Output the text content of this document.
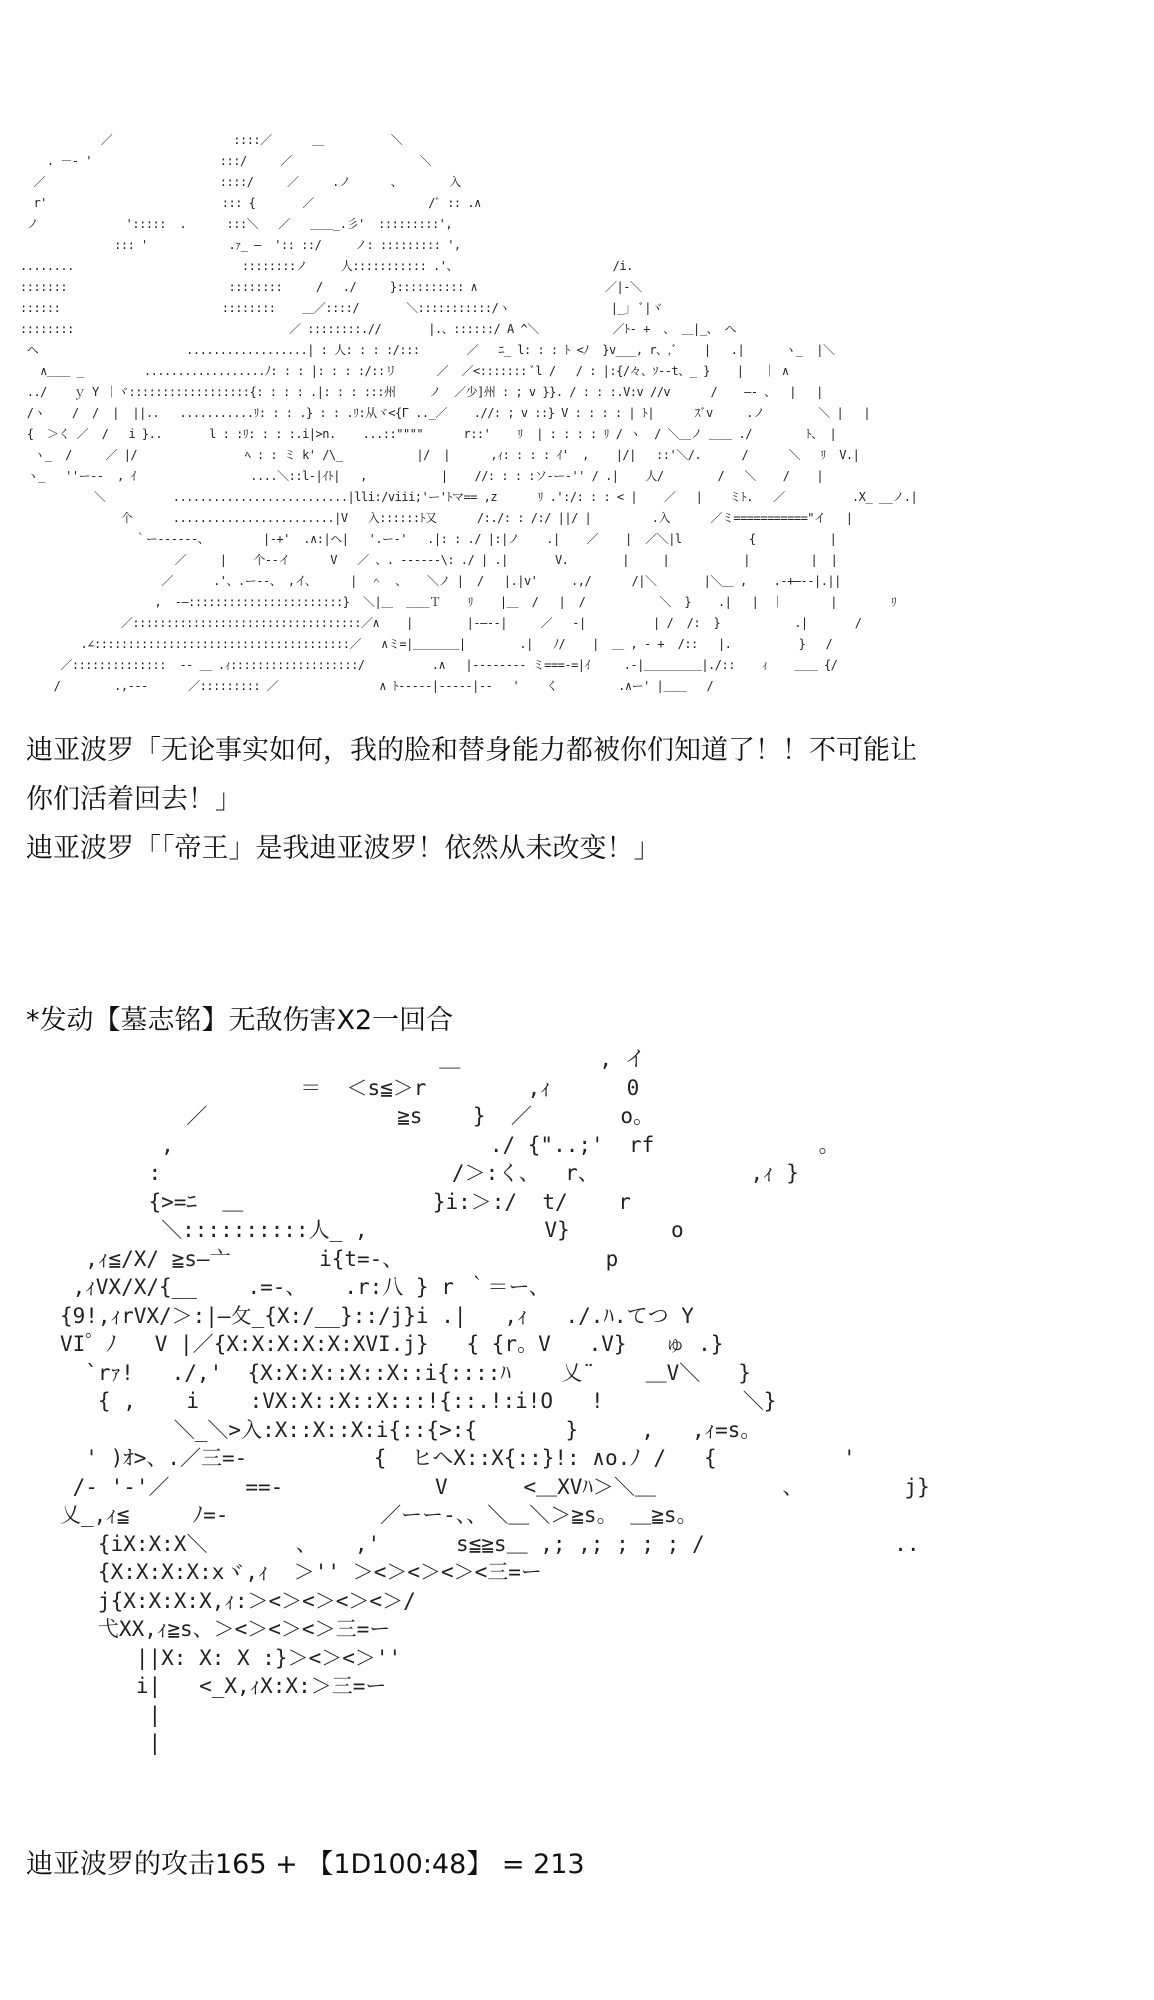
／                  ::::／      ＿          ＼
. －‐ '                   :::/     ／                   ＼
／                          ::::/     ／     .ノ      、       入
r'                          ::: {       ／                 /ﾞ :: .∧
ノ             ':::::  .      :::＼   ／   ＿＿_.彡'  :::::::::',
::: '            .ｧ_ ―  ':: ::/     ノ: ::::::::: ',
........                         ::::::::ノ     人::::::::::: .'、                       /i.
:::::::                        ::::::::     /   ./     }:::::::::: ∧                   ／|‐＼
::::::                        ::::::::    ＿／::::/       ＼:::::::::::/ヽ               |_」 ﾞ|ヾ
::::::::                                ／ ::::::::.//       |.、::::::/ A ^＼           ／ﾄ‐ +  、 ＿|_、 へ
へ                      ..................| : 人: : : :/:::       ／   ﾆ_ l: : : ﾄ <ﾉ  }v___, r、,ﾞ    |   .|      ヽ_  |＼
∧＿＿ _         ..................ﾉ: : : |: : : :/::リ      ／  ／<::::::: ﾞl /   / : |:{/々、ｿ‐‐t、_ }    |   ｜ ∧
../    ｙ Y ｜ヾ::::::::::::::::::{: : : : .|: : : :::州     ノ  ／少]州 : ; v }}. / : : :.V:v //v      /    ―- 、  |   |
/ヽ    /  /  |  ||..   ...........ﾘ: : : .} : : .ﾘ:从ヾ<{Γ .._／    .//: ; v ::} V : : : : | ﾄ|      ｽﾞv     .ノ        ＼ |   |
{  ＞く ／  /   i }..       l : :ﾘ: : : :.i|>n.    ...::""""      r::'    ﾘ  | : : : : ﾘ / ヽ  / ＼＿ノ ＿＿ ./        ﾄ、 |
ヽ_  /     ／ |/                ﾍ : : ミ k' /\_           |/  |      ,ｨ: : : : ｲ'  ,    |/|   ::'＼/.      /      ＼   ﾘ  V.|
ヽ_   ''ー‐‐  , ｲ                 ....＼::l-|ｲﾄ|   ,           |    //: : : :ソ‐ー‐'' / .|    人/        /   ＼    /    |
＼          ..........................|lli:/viii;'ー'ﾄマ== ,z      ﾘ .':/: : : < |    ／   |    ミﾄ.   ／          .X_ __ノ.|
个      ........................|V   入::::::ﾄ又      /:./: : /:/ ||/ |         .入      ／ミ==========="イ   |
｀ー‐‐‐‐‐‐、        |‐+'  .∧:|ヘ|   '.ー‐'   .|: : ./ |:|ノ    .|    ／    |  ／＼|l          {           |
／     |    个‐‐イ      V   ／ 、. ‐‐‐‐‐‐\: ./ | .|       V.        |     |           |         |  |
／      .'、.ー‐‐、 ,イ、     |  ＾  、   ＼ノ |  /   |.|v'     .,/      /|＼       |＼＿ ,    .‐+―‐‐|.||
,  ‐―:::::::::::::::::::::::}  ＼|＿  ＿＿Ｔ    ﾘ    |＿  /   |  /           ＼  }    .|   |  ｜       |        ﾘ
／::::::::::::::::::::::::::::::::::／∧    |        |‐―‐‐|     ／   ‐|          | /  /:  }           .|       /
.∠::::::::::::::::::::::::::::::::::::::／   ∧ミ=|＿＿＿＿|        .|   ﾉ/    |  ＿ , ‐ +  /::   |.          }   /
／::::::::::::::  ‐‐ ＿ .ｨ:::::::::::::::::::/          .∧   |‐‐‐‐‐‐‐‐ ミ===‐=|ｲ     .‐|＿＿＿＿＿|./::    ｨ    ＿＿ {/
/        .,‐‐‐      ／::::::::: ／               ∧ ﾄ‐‐‐‐‐|‐‐‐‐‐|‐‐   '    く         .∧ー' |＿＿   /
迪亚波罗「无论事实如何，我的脸和替身能力都被你们知道了！！不可能让
你们活着回去！」
迪亚波罗「「帝王」是我迪亚波罗！依然从未改变！」
*发动【墓志铭】无敌伤害X2一回合
＿           , イ
＝  ＜s≦＞r        ,ｨ      0
／               ≧s    }  ／       o。
,                         ./ {"..;'  rf             。
:                       /＞:く、  r、            ,ｨ }
{>=ﾆ  ＿               }i:＞:/  t/    r
＼::::::::::人_ ,              V}        o
,ｨ≦/X/ ≧s―亠       i{t=-、                p
,ｨVX/X/{__    .=-、   .r:八 } r ｀＝ー、
{9!,ｨrVX/＞:|―攵_{X:/__}::/j}i .|   ,ｨ   ./.ﾊ.てつ Y
VI゜ﾉ   V |／{X:X:X:X:X:XVI.j}   { {r。V   .V}   ゅ .}
`rｧ!   ./,'  {X:X:X::X::X::i{::::ﾊ    乂¨    ＿V＼   }
{ ,    i    :VX:X::X::X:::!{::.!:i!O   !           ＼}
＼_＼>入:X::X::X:i{::{>:{       }     ,   ,ｨ=s。
' )ｵ>、.／三=-          {  ヒヘX::X{::}!: ∧o.ﾉ /   {          '
/- '‐'／      ==-            V      <＿XVﾊ＞＼＿          、        j}
乂_,ｨ≦     ﾉ=-            ／ーー‐、、＼＿＼＞≧s。 ＿≧s。
{iX:X:X＼       、   ,'      s≦≧s＿ ,; ,; ; ; ; /               ..
{X:X:X:X:xヾ,ｨ  ＞'' ＞<＞<＞<＞<三=ー
j{X:X:X:X,ｨ:＞<＞<＞<＞<＞/
弋XX,ｨ≧s、＞<＞<＞<＞三=ー
||X: X: X :}＞<＞<＞''
i|   <_X,ｨX:X:＞三=ー
|
|
迪亚波罗的攻击165 + 【1D100:48】 = 213
